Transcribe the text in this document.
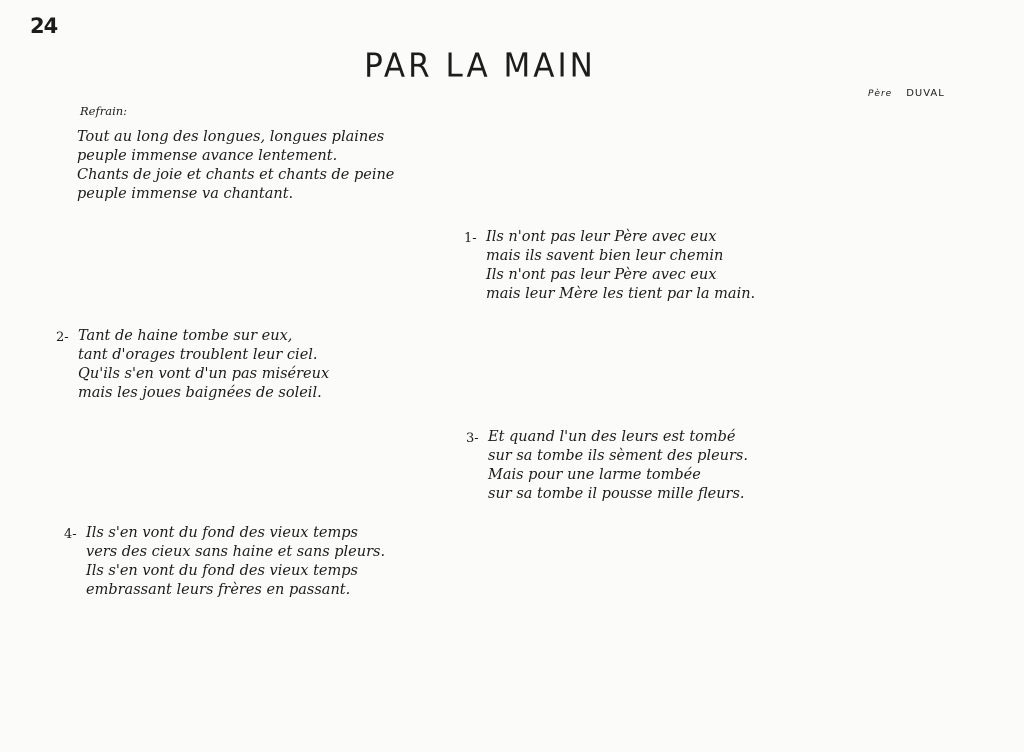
24
PAR LA MAIN
Père DUVAL
Refrain:
Tout au long des longues, longues plaines
peuple immense avance lentement.
Chants de joie et chants et chants de peine
peuple immense va chantant.
1- Ils n'ont pas leur Père avec eux
mais ils savent bien leur chemin
Ils n'ont pas leur Père avec eux
mais leur Mère les tient par la main.
2- Tant de haine tombe sur eux,
tant d'orages troublent leur ciel.
Qu'ils s'en vont d'un pas miséreux
mais les joues baignées de soleil.
3- Et quand l'un des leurs est tombé
sur sa tombe ils sèment des pleurs.
Mais pour une larme tombée
sur sa tombe il pousse mille fleurs.
4- Ils s'en vont du fond des vieux temps
vers des cieux sans haine et sans pleurs.
Ils s'en vont du fond des vieux temps
embrassant leurs frères en passant.
